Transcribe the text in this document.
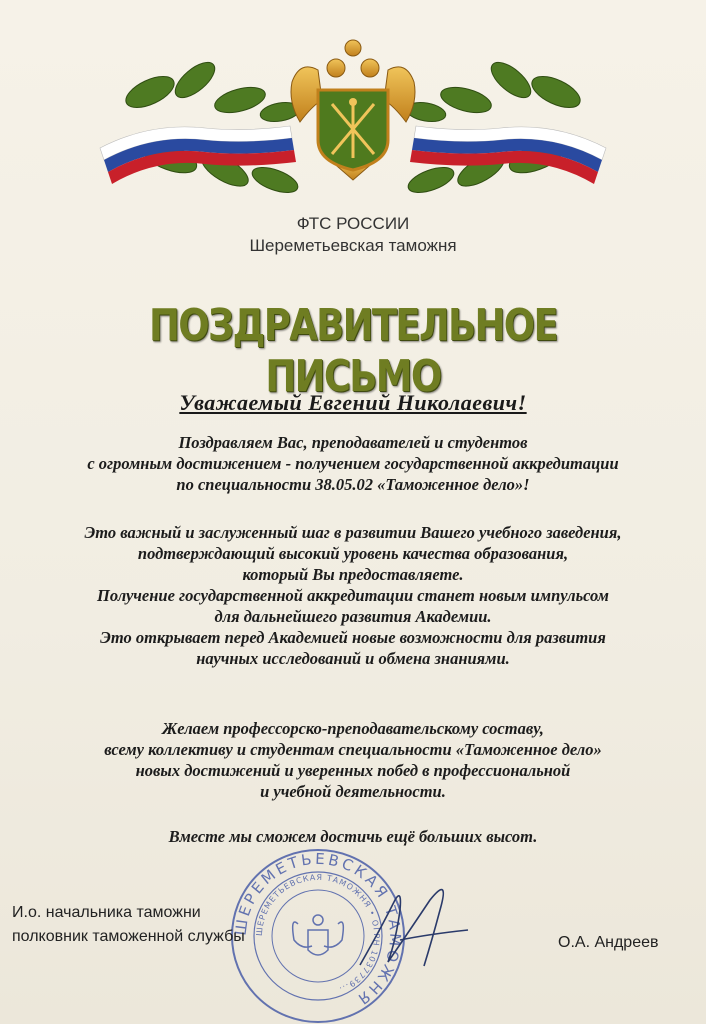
ФТС РОССИИ
Шереметьевская таможня
ПОЗДРАВИТЕЛЬНОЕ ПИСЬМО
Уважаемый Евгений Николаевич!

Поздравляем Вас, преподавателей и студентов

с огромным достижением - получением государственной аккредитации

по специальности 38.05.02 «Таможенное дело»!

Это важный и заслуженный шаг в развитии Вашего учебного заведения,

подтверждающий высокий уровень качества образования,

который Вы предоставляете.

Получение государственной аккредитации станет новым импульсом

для дальнейшего развития Академии.

Это открывает перед Академией новые возможности для развития

научных исследований и обмена знаниями.

Желаем профессорско-преподавательскому составу,

всему коллективу и студентам специальности «Таможенное дело»

новых достижений и уверенных побед в профессиональной

и учебной деятельности.

Вместе мы сможем достичь ещё больших высот.

ШЕРЕМЕТЬЕВСКАЯ ТАМОЖНЯ
ШЕРЕМЕТЬЕВСКАЯ ТАМОЖНЯ • ОГРН 1037739...
И.о. начальника таможни
полковник таможенной службы	О.А. Андреев
